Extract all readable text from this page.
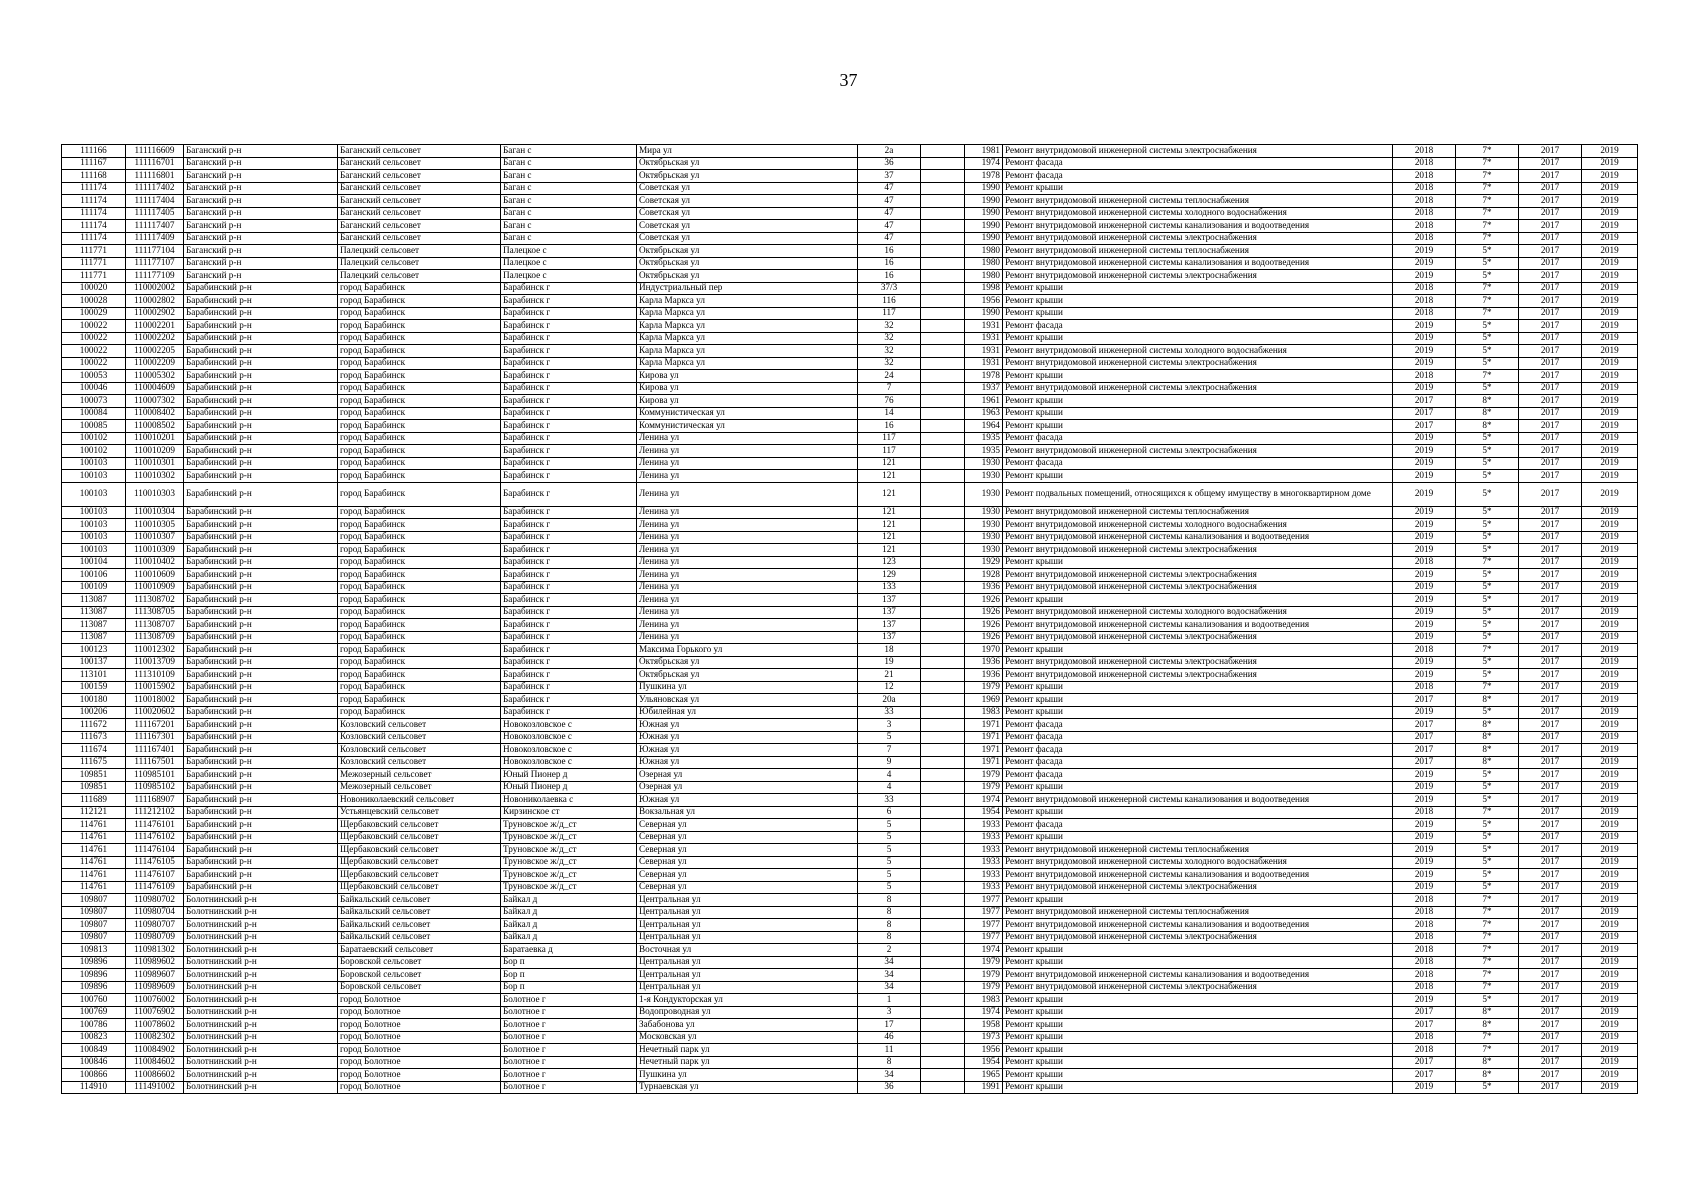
37
111166	111116609	Баганский р-н	Баганский сельсовет	Баган с	Мира ул	2а		1981	Ремонт внутридомовой инженерной системы электроснабжения	2018	7*	2017	2019
111167	111116701	Баганский р-н	Баганский сельсовет	Баган с	Октябрьская ул	36		1974	Ремонт фасада	2018	7*	2017	2019
111168	111116801	Баганский р-н	Баганский сельсовет	Баган с	Октябрьская ул	37		1978	Ремонт фасада	2018	7*	2017	2019
111174	111117402	Баганский р-н	Баганский сельсовет	Баган с	Советская ул	47		1990	Ремонт крыши	2018	7*	2017	2019
111174	111117404	Баганский р-н	Баганский сельсовет	Баган с	Советская ул	47		1990	Ремонт внутридомовой инженерной системы теплоснабжения	2018	7*	2017	2019
111174	111117405	Баганский р-н	Баганский сельсовет	Баган с	Советская ул	47		1990	Ремонт внутридомовой инженерной системы холодного водоснабжения	2018	7*	2017	2019
111174	111117407	Баганский р-н	Баганский сельсовет	Баган с	Советская ул	47		1990	Ремонт внутридомовой инженерной системы канализования и водоотведения	2018	7*	2017	2019
111174	111117409	Баганский р-н	Баганский сельсовет	Баган с	Советская ул	47		1990	Ремонт внутридомовой инженерной системы электроснабжения	2018	7*	2017	2019
111771	111177104	Баганский р-н	Палецкий сельсовет	Палецкое с	Октябрьская ул	16		1980	Ремонт внутридомовой инженерной системы теплоснабжения	2019	5*	2017	2019
111771	111177107	Баганский р-н	Палецкий сельсовет	Палецкое с	Октябрьская ул	16		1980	Ремонт внутридомовой инженерной системы канализования и водоотведения	2019	5*	2017	2019
111771	111177109	Баганский р-н	Палецкий сельсовет	Палецкое с	Октябрьская ул	16		1980	Ремонт внутридомовой инженерной системы электроснабжения	2019	5*	2017	2019
100020	110002002	Барабинский р-н	город Барабинск	Барабинск г	Индустриальный пер	37/3		1998	Ремонт крыши	2018	7*	2017	2019
100028	110002802	Барабинский р-н	город Барабинск	Барабинск г	Карла Маркса ул	116		1956	Ремонт крыши	2018	7*	2017	2019
100029	110002902	Барабинский р-н	город Барабинск	Барабинск г	Карла Маркса ул	117		1990	Ремонт крыши	2018	7*	2017	2019
100022	110002201	Барабинский р-н	город Барабинск	Барабинск г	Карла Маркса ул	32		1931	Ремонт фасада	2019	5*	2017	2019
100022	110002202	Барабинский р-н	город Барабинск	Барабинск г	Карла Маркса ул	32		1931	Ремонт крыши	2019	5*	2017	2019
100022	110002205	Барабинский р-н	город Барабинск	Барабинск г	Карла Маркса ул	32		1931	Ремонт внутридомовой инженерной системы холодного водоснабжения	2019	5*	2017	2019
100022	110002209	Барабинский р-н	город Барабинск	Барабинск г	Карла Маркса ул	32		1931	Ремонт внутридомовой инженерной системы электроснабжения	2019	5*	2017	2019
100053	110005302	Барабинский р-н	город Барабинск	Барабинск г	Кирова ул	24		1978	Ремонт крыши	2018	7*	2017	2019
100046	110004609	Барабинский р-н	город Барабинск	Барабинск г	Кирова ул	7		1937	Ремонт внутридомовой инженерной системы электроснабжения	2019	5*	2017	2019
100073	110007302	Барабинский р-н	город Барабинск	Барабинск г	Кирова ул	76		1961	Ремонт крыши	2017	8*	2017	2019
100084	110008402	Барабинский р-н	город Барабинск	Барабинск г	Коммунистическая ул	14		1963	Ремонт крыши	2017	8*	2017	2019
100085	110008502	Барабинский р-н	город Барабинск	Барабинск г	Коммунистическая ул	16		1964	Ремонт крыши	2017	8*	2017	2019
100102	110010201	Барабинский р-н	город Барабинск	Барабинск г	Ленина ул	117		1935	Ремонт фасада	2019	5*	2017	2019
100102	110010209	Барабинский р-н	город Барабинск	Барабинск г	Ленина ул	117		1935	Ремонт внутридомовой инженерной системы электроснабжения	2019	5*	2017	2019
100103	110010301	Барабинский р-н	город Барабинск	Барабинск г	Ленина ул	121		1930	Ремонт фасада	2019	5*	2017	2019
100103	110010302	Барабинский р-н	город Барабинск	Барабинск г	Ленина ул	121		1930	Ремонт крыши	2019	5*	2017	2019
100103	110010303	Барабинский р-н	город Барабинск	Барабинск г	Ленина ул	121		1930	Ремонт подвальных помещений, относящихся к общему имуществу в многоквартирном доме	2019	5*	2017	2019
100103	110010304	Барабинский р-н	город Барабинск	Барабинск г	Ленина ул	121		1930	Ремонт внутридомовой инженерной системы теплоснабжения	2019	5*	2017	2019
100103	110010305	Барабинский р-н	город Барабинск	Барабинск г	Ленина ул	121		1930	Ремонт внутридомовой инженерной системы холодного водоснабжения	2019	5*	2017	2019
100103	110010307	Барабинский р-н	город Барабинск	Барабинск г	Ленина ул	121		1930	Ремонт внутридомовой инженерной системы канализования и водоотведения	2019	5*	2017	2019
100103	110010309	Барабинский р-н	город Барабинск	Барабинск г	Ленина ул	121		1930	Ремонт внутридомовой инженерной системы электроснабжения	2019	5*	2017	2019
100104	110010402	Барабинский р-н	город Барабинск	Барабинск г	Ленина ул	123		1929	Ремонт крыши	2018	7*	2017	2019
100106	110010609	Барабинский р-н	город Барабинск	Барабинск г	Ленина ул	129		1928	Ремонт внутридомовой инженерной системы электроснабжения	2019	5*	2017	2019
100109	110010909	Барабинский р-н	город Барабинск	Барабинск г	Ленина ул	133		1936	Ремонт внутридомовой инженерной системы электроснабжения	2019	5*	2017	2019
113087	111308702	Барабинский р-н	город Барабинск	Барабинск г	Ленина ул	137		1926	Ремонт крыши	2019	5*	2017	2019
113087	111308705	Барабинский р-н	город Барабинск	Барабинск г	Ленина ул	137		1926	Ремонт внутридомовой инженерной системы холодного водоснабжения	2019	5*	2017	2019
113087	111308707	Барабинский р-н	город Барабинск	Барабинск г	Ленина ул	137		1926	Ремонт внутридомовой инженерной системы канализования и водоотведения	2019	5*	2017	2019
113087	111308709	Барабинский р-н	город Барабинск	Барабинск г	Ленина ул	137		1926	Ремонт внутридомовой инженерной системы электроснабжения	2019	5*	2017	2019
100123	110012302	Барабинский р-н	город Барабинск	Барабинск г	Максима Горького ул	18		1970	Ремонт крыши	2018	7*	2017	2019
100137	110013709	Барабинский р-н	город Барабинск	Барабинск г	Октябрьская ул	19		1936	Ремонт внутридомовой инженерной системы электроснабжения	2019	5*	2017	2019
113101	111310109	Барабинский р-н	город Барабинск	Барабинск г	Октябрьская ул	21		1936	Ремонт внутридомовой инженерной системы электроснабжения	2019	5*	2017	2019
100159	110015902	Барабинский р-н	город Барабинск	Барабинск г	Пушкина ул	12		1979	Ремонт крыши	2018	7*	2017	2019
100180	110018002	Барабинский р-н	город Барабинск	Барабинск г	Ульяновская ул	20а		1969	Ремонт крыши	2017	8*	2017	2019
100206	110020602	Барабинский р-н	город Барабинск	Барабинск г	Юбилейная ул	33		1983	Ремонт крыши	2019	5*	2017	2019
111672	111167201	Барабинский р-н	Козловский сельсовет	Новокозловское с	Южная ул	3		1971	Ремонт фасада	2017	8*	2017	2019
111673	111167301	Барабинский р-н	Козловский сельсовет	Новокозловское с	Южная ул	5		1971	Ремонт фасада	2017	8*	2017	2019
111674	111167401	Барабинский р-н	Козловский сельсовет	Новокозловское с	Южная ул	7		1971	Ремонт фасада	2017	8*	2017	2019
111675	111167501	Барабинский р-н	Козловский сельсовет	Новокозловское с	Южная ул	9		1971	Ремонт фасада	2017	8*	2017	2019
109851	110985101	Барабинский р-н	Межозерный сельсовет	Юный Пионер д	Озерная ул	4		1979	Ремонт фасада	2019	5*	2017	2019
109851	110985102	Барабинский р-н	Межозерный сельсовет	Юный Пионер д	Озерная ул	4		1979	Ремонт крыши	2019	5*	2017	2019
111689	111168907	Барабинский р-н	Новониколаевский сельсовет	Новониколаевка с	Южная ул	33		1974	Ремонт внутридомовой инженерной системы канализования и водоотведения	2019	5*	2017	2019
112121	111212102	Барабинский р-н	Устьянцевский сельсовет	Кирзинское ст	Вокзальная ул	6		1954	Ремонт крыши	2018	7*	2017	2019
114761	111476101	Барабинский р-н	Щербаковский сельсовет	Труновское ж/д_ст	Северная ул	5		1933	Ремонт фасада	2019	5*	2017	2019
114761	111476102	Барабинский р-н	Щербаковский сельсовет	Труновское ж/д_ст	Северная ул	5		1933	Ремонт крыши	2019	5*	2017	2019
114761	111476104	Барабинский р-н	Щербаковский сельсовет	Труновское ж/д_ст	Северная ул	5		1933	Ремонт внутридомовой инженерной системы теплоснабжения	2019	5*	2017	2019
114761	111476105	Барабинский р-н	Щербаковский сельсовет	Труновское ж/д_ст	Северная ул	5		1933	Ремонт внутридомовой инженерной системы холодного водоснабжения	2019	5*	2017	2019
114761	111476107	Барабинский р-н	Щербаковский сельсовет	Труновское ж/д_ст	Северная ул	5		1933	Ремонт внутридомовой инженерной системы канализования и водоотведения	2019	5*	2017	2019
114761	111476109	Барабинский р-н	Щербаковский сельсовет	Труновское ж/д_ст	Северная ул	5		1933	Ремонт внутридомовой инженерной системы электроснабжения	2019	5*	2017	2019
109807	110980702	Болотнинский р-н	Байкальский сельсовет	Байкал д	Центральная ул	8		1977	Ремонт крыши	2018	7*	2017	2019
109807	110980704	Болотнинский р-н	Байкальский сельсовет	Байкал д	Центральная ул	8		1977	Ремонт внутридомовой инженерной системы теплоснабжения	2018	7*	2017	2019
109807	110980707	Болотнинский р-н	Байкальский сельсовет	Байкал д	Центральная ул	8		1977	Ремонт внутридомовой инженерной системы канализования и водоотведения	2018	7*	2017	2019
109807	110980709	Болотнинский р-н	Байкальский сельсовет	Байкал д	Центральная ул	8		1977	Ремонт внутридомовой инженерной системы электроснабжения	2018	7*	2017	2019
109813	110981302	Болотнинский р-н	Баратаевский сельсовет	Баратаевка д	Восточная ул	2		1974	Ремонт крыши	2018	7*	2017	2019
109896	110989602	Болотнинский р-н	Боровской сельсовет	Бор п	Центральная ул	34		1979	Ремонт крыши	2018	7*	2017	2019
109896	110989607	Болотнинский р-н	Боровской сельсовет	Бор п	Центральная ул	34		1979	Ремонт внутридомовой инженерной системы канализования и водоотведения	2018	7*	2017	2019
109896	110989609	Болотнинский р-н	Боровской сельсовет	Бор п	Центральная ул	34		1979	Ремонт внутридомовой инженерной системы электроснабжения	2018	7*	2017	2019
100760	110076002	Болотнинский р-н	город Болотное	Болотное г	1-я Кондукторская ул	1		1983	Ремонт крыши	2019	5*	2017	2019
100769	110076902	Болотнинский р-н	город Болотное	Болотное г	Водопроводная ул	3		1974	Ремонт крыши	2017	8*	2017	2019
100786	110078602	Болотнинский р-н	город Болотное	Болотное г	Забабонова ул	17		1958	Ремонт крыши	2017	8*	2017	2019
100823	110082302	Болотнинский р-н	город Болотное	Болотное г	Московская ул	46		1973	Ремонт крыши	2018	7*	2017	2019
100849	110084902	Болотнинский р-н	город Болотное	Болотное г	Нечетный парк ул	11		1956	Ремонт крыши	2018	7*	2017	2019
100846	110084602	Болотнинский р-н	город Болотное	Болотное г	Нечетный парк ул	8		1954	Ремонт крыши	2017	8*	2017	2019
100866	110086602	Болотнинский р-н	город Болотное	Болотное г	Пушкина ул	34		1965	Ремонт крыши	2017	8*	2017	2019
114910	111491002	Болотнинский р-н	город Болотное	Болотное г	Турнаевская ул	36		1991	Ремонт крыши	2019	5*	2017	2019
